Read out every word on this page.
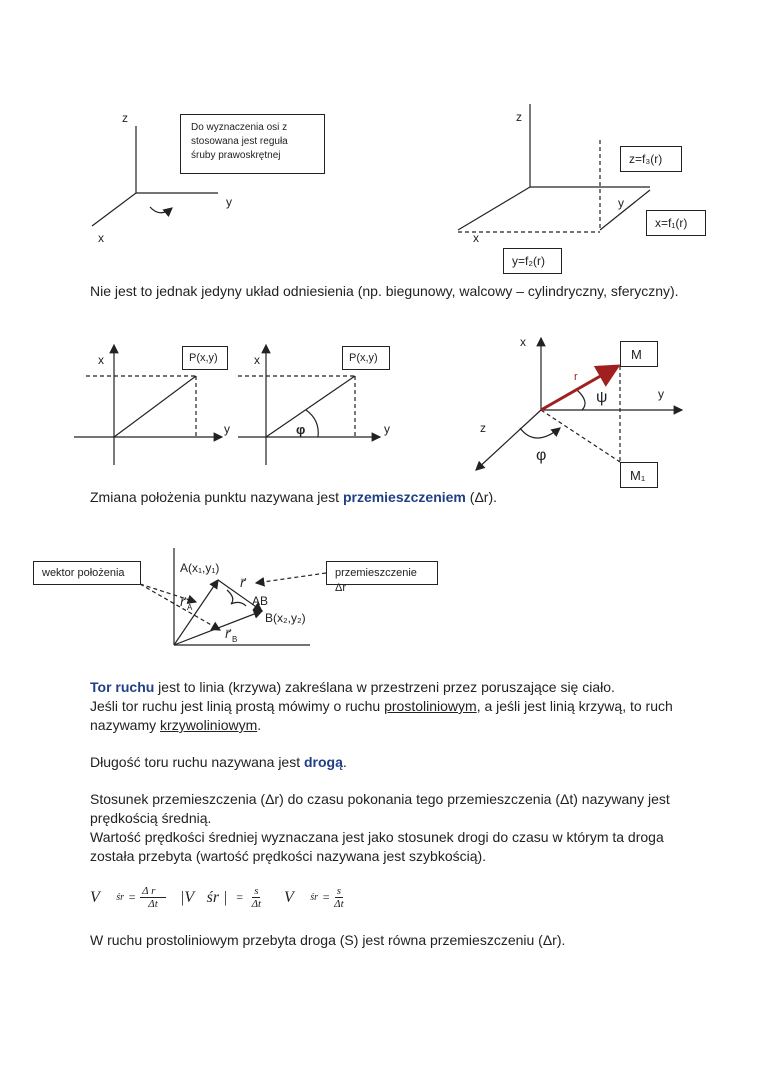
z
y
x
z
y
x
x
y
x
y
φ
x
y
z
r
ψ
φ
A(x₁,y₁)
B(x₂,y₂)
AB
r⃗
r⃗ A
r⃗ B
Do wyznaczenia osi z stosowana jest reguła śruby prawoskrętnej	z=f₃(r)
x=f₁(r)
y=f₂(r)
P(x,y)	P(x,y)	M
M₁
wektor położenia	przemieszczenie Δr

Nie jest to jednak jedyny układ odniesienia (np. biegunowy, walcowy – cylindryczny, sferyczny).

Zmiana położenia punktu nazywana jest przemieszczeniem (Δr).

Tor ruchu jest to linia (krzywa) zakreślana w przestrzeni przez poruszające się ciało.
Jeśli tor ruchu jest linią prostą mówimy o ruchu prostoliniowym, a jeśli jest linią krzywą, to ruch nazywamy krzywoliniowym.

Długość toru ruchu nazywana jest drogą.

Stosunek przemieszczenia (Δr) do czasu pokonania tego przemieszczenia (Δt) nazywany jest prędkością średnią.

Wartość prędkości średniej wyznaczana jest jako stosunek drogi do czasu w którym ta droga została przebyta (wartość prędkości nazywana jest szybkością).

V⃗ śr = $\frac{\text{Δ r⃗}}{\Delta t}$ |V⃗śr | = $\frac{s}{\Delta t}$ V⃗ śr = $\frac{s}{\Delta t}$

W ruchu prostoliniowym przebyta droga (S) jest równa przemieszczeniu (Δr).
